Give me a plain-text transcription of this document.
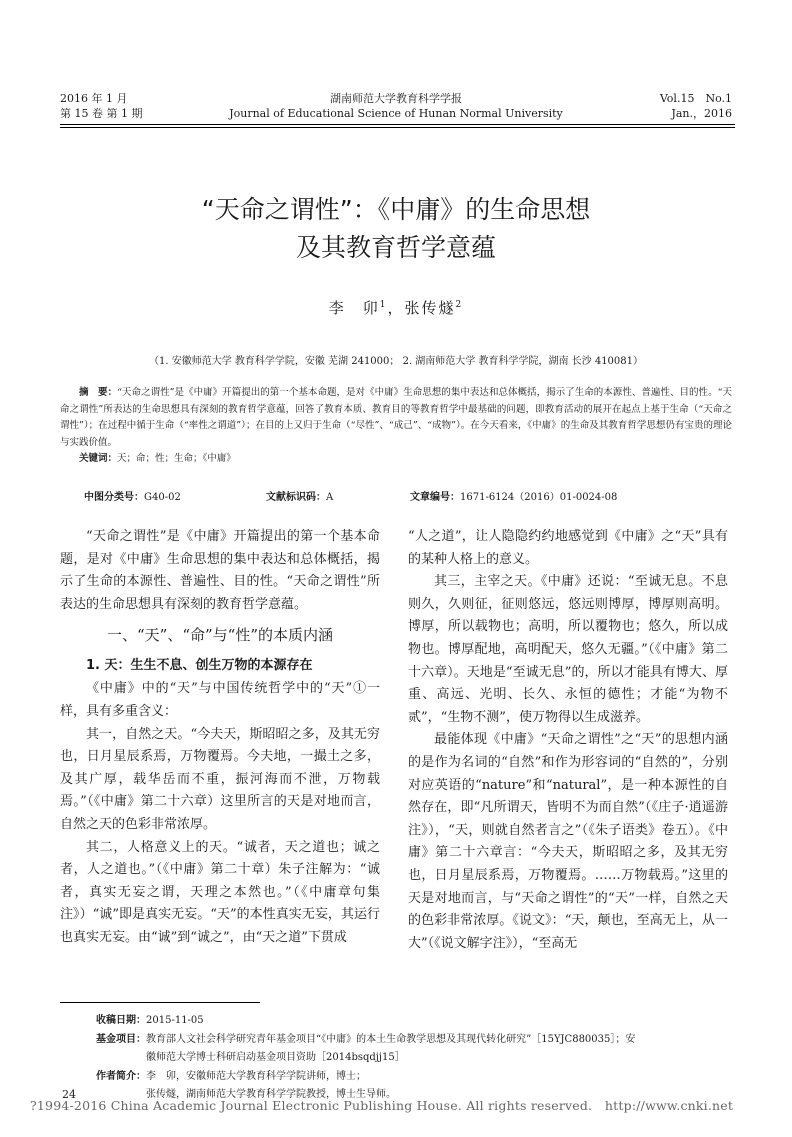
2016 年 1 月
第 15 卷 第 1 期
湖南师范大学教育科学学报
Journal of Educational Science of Hunan Normal University
Vol.15　No.1
Jan.，2016
“天命之谓性”：《中庸》的生命思想
及其教育哲学意蕴
李　卯$^1$，张传燧$^2$
（1. 安徽师范大学 教育科学学院，安徽 芜湖 241000； 2. 湖南师范大学 教育科学学院，湖南 长沙 410081）
摘　要：“天命之谓性”是《中庸》开篇提出的第一个基本命题，是对《中庸》生命思想的集中表达和总体概括，揭示了生命的本源性、普遍性、目的性。“天命之谓性”所表达的生命思想具有深刻的教育哲学意蕴，回答了教育本质、教育目的等教育哲学中最基础的问题，即教育活动的展开在起点上基于生命（“天命之谓性”）；在过程中循于生命（“率性之谓道”）；在目的上又归于生命（“尽性”、“成己”、“成物”）。在今天看来，《中庸》的生命及其教育哲学思想仍有宝贵的理论与实践价值。
关键词：天；命；性；生命；《中庸》
中图分类号：G40-02	文献标识码：A	文章编号：1671-6124（2016）01-0024-08

“天命之谓性”是《中庸》开篇提出的第一个基本命题，是对《中庸》生命思想的集中表达和总体概括，揭示了生命的本源性、普遍性、目的性。“天命之谓性”所表达的生命思想具有深刻的教育哲学意蕴。

一、“天”、“命”与“性”的本质内涵
1. 天：生生不息、创生万物的本源存在

《中庸》中的“天”与中国传统哲学中的“天”①一样，具有多重含义：

其一，自然之天。“今夫天，斯昭昭之多，及其无穷也，日月星辰系焉，万物覆焉。今夫地，一撮土之多，及其广厚，载华岳而不重，振河海而不泄，万物载焉。”（《中庸》第二十六章）这里所言的天是对地而言，自然之天的色彩非常浓厚。

其二，人格意义上的天。“诚者，天之道也；诚之者，人之道也。”（《中庸》第二十章）朱子注解为：“诚者，真实无妄之谓，天理之本然也。”（《中庸章句集注》）“诚”即是真实无妄。“天”的本性真实无妄，其运行也真实无妄。由“诚”到“诚之”，由“天之道”下贯成

“人之道”，让人隐隐约约地感觉到《中庸》之“天”具有的某种人格上的意义。

其三，主宰之天。《中庸》还说：“至诚无息。不息则久，久则征，征则悠远，悠远则博厚，博厚则高明。博厚，所以载物也；高明，所以覆物也；悠久，所以成物也。博厚配地，高明配天，悠久无疆。”（《中庸》第二十六章）。天地是“至诚无息”的，所以才能具有博大、厚重、高远、光明、长久、永恒的德性；才能“为物不贰”，“生物不测”，使万物得以生成滋养。

最能体现《中庸》“天命之谓性”之“天”的思想内涵的是作为名词的“自然”和作为形容词的“自然的”，分别对应英语的“nature”和“natural”，是一种本源性的自然存在，即“凡所谓天，皆明不为而自然”（《庄子·逍遥游注》），“天，则就自然者言之”（《朱子语类》卷五）。《中庸》第二十六章言：“今夫天，斯昭昭之多，及其无穷也，日月星辰系焉，万物覆焉。……万物载焉。”这里的天是对地而言，与“天命之谓性”的“天”一样，自然之天的色彩非常浓厚。《说文》：“天，颠也，至高无上，从一大”（《说文解字注》），“至高无

收稿日期：2015-11-05
基金项目：教育部人文社会科学研究青年基金项目“《中庸》的本土生命教学思想及其现代转化研究”［15YJC880035］；安
徽师范大学博士科研启动基金项目资助［2014bsqdjj15］
作者简介：李　卯，安徽师范大学教育科学学院讲师，博士；
张传燧，湖南师范大学教育科学学院教授，博士生导师。
24
?1994-2016 China Academic Journal Electronic Publishing House. All rights reserved.　http://www.cnki.net
